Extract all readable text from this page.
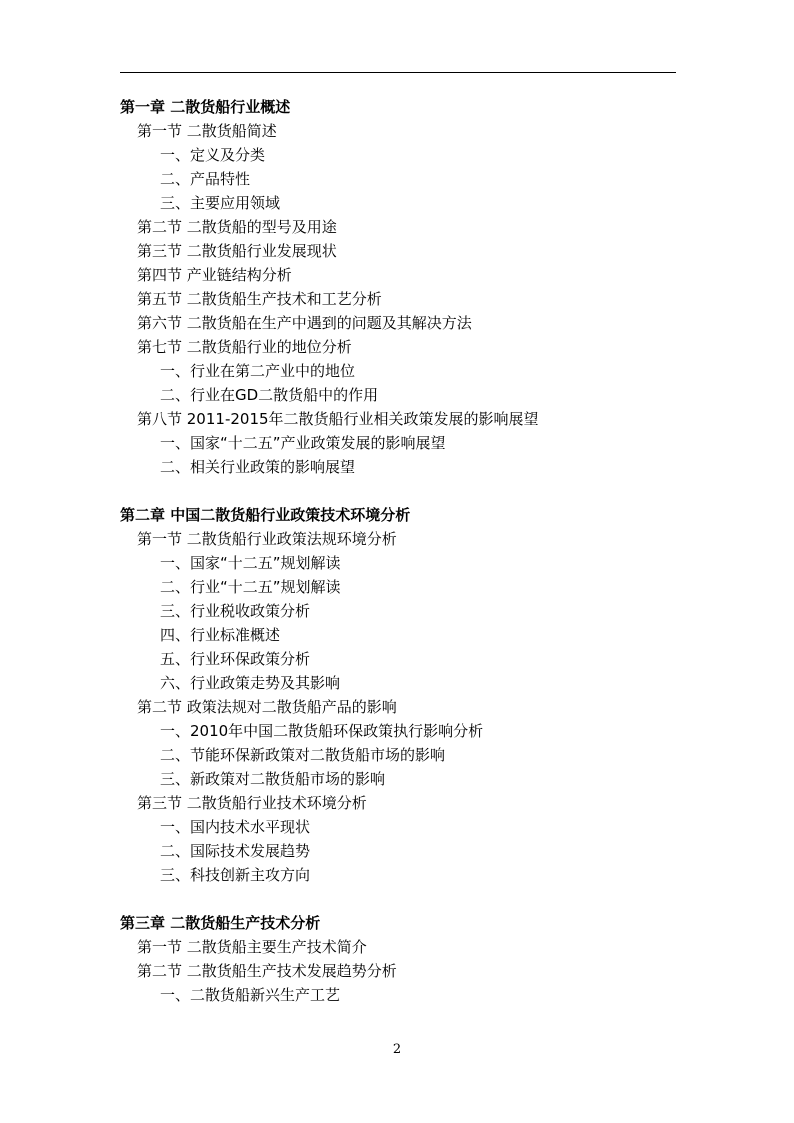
第一章 二散货船行业概述
第一节 二散货船简述
一、定义及分类
二、产品特性
三、主要应用领域
第二节 二散货船的型号及用途
第三节 二散货船行业发展现状
第四节 产业链结构分析
第五节 二散货船生产技术和工艺分析
第六节 二散货船在生产中遇到的问题及其解决方法
第七节 二散货船行业的地位分析
一、行业在第二产业中的地位
二、行业在GD二散货船中的作用
第八节 2011-2015年二散货船行业相关政策发展的影响展望
一、国家“十二五”产业政策发展的影响展望
二、相关行业政策的影响展望
第二章 中国二散货船行业政策技术环境分析
第一节 二散货船行业政策法规环境分析
一、国家“十二五”规划解读
二、行业“十二五”规划解读
三、行业税收政策分析
四、行业标准概述
五、行业环保政策分析
六、行业政策走势及其影响
第二节 政策法规对二散货船产品的影响
一、2010年中国二散货船环保政策执行影响分析
二、节能环保新政策对二散货船市场的影响
三、新政策对二散货船市场的影响
第三节 二散货船行业技术环境分析
一、国内技术水平现状
二、国际技术发展趋势
三、科技创新主攻方向
第三章 二散货船生产技术分析
第一节 二散货船主要生产技术简介
第二节 二散货船生产技术发展趋势分析
一、二散货船新兴生产工艺
2
